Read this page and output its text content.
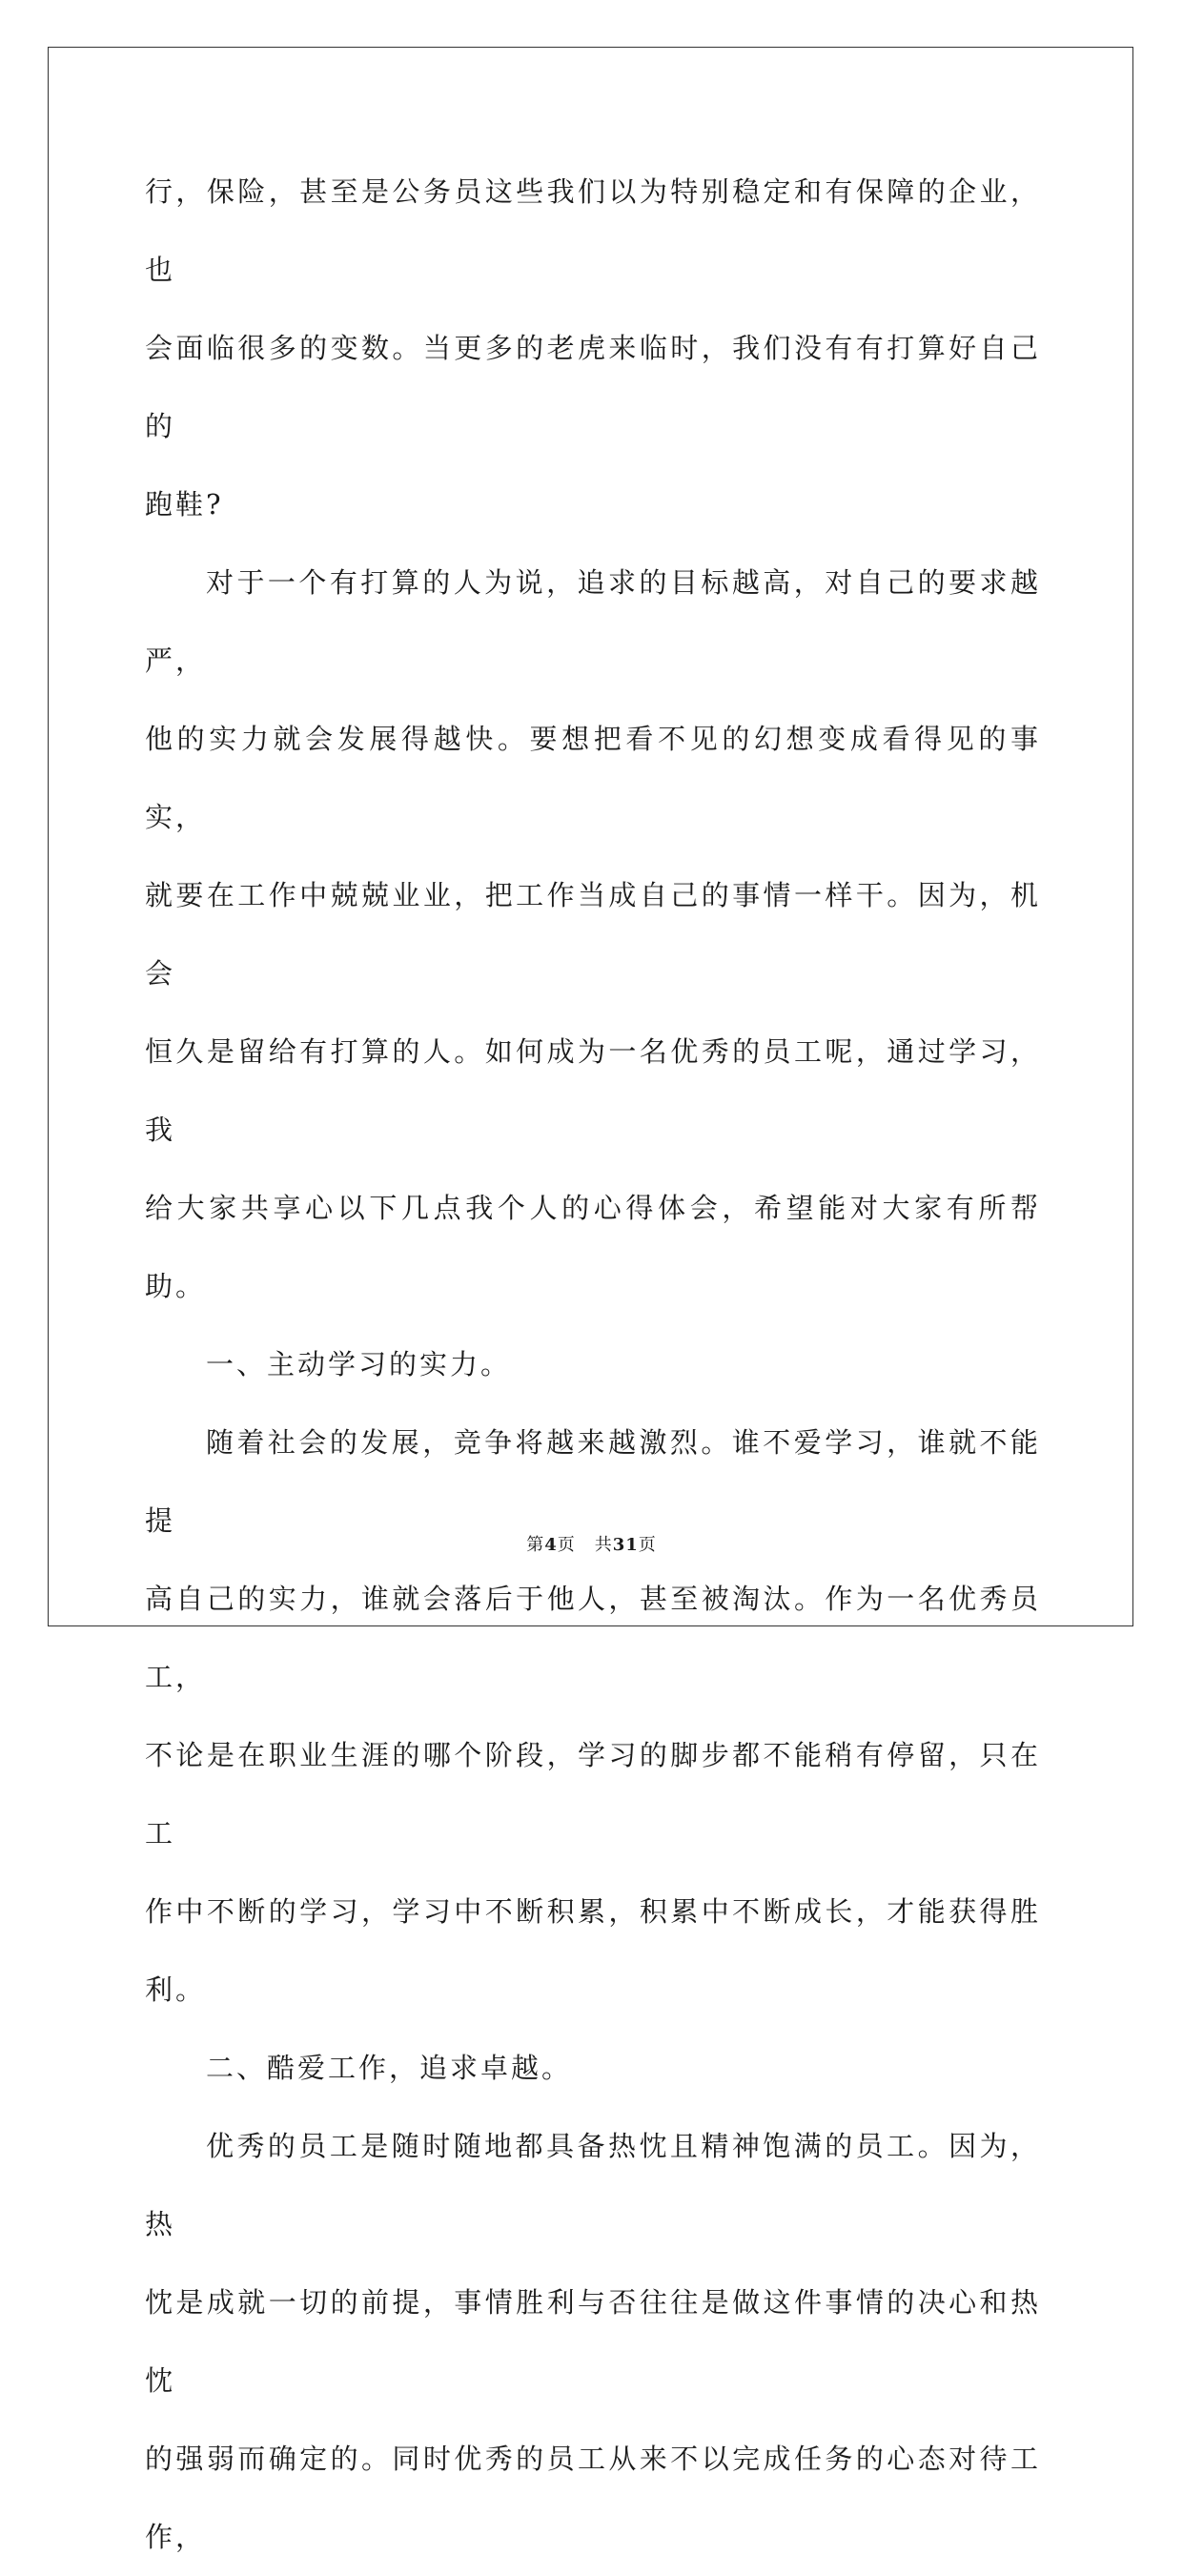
行，保险，甚至是公务员这些我们以为特别稳定和有保障的企业，也
会面临很多的变数。当更多的老虎来临时，我们没有有打算好自己的
跑鞋?
对于一个有打算的人为说，追求的目标越高，对自己的要求越严，
他的实力就会发展得越快。要想把看不见的幻想变成看得见的事实，
就要在工作中兢兢业业，把工作当成自己的事情一样干。因为，机会
恒久是留给有打算的人。如何成为一名优秀的员工呢，通过学习，我
给大家共享心以下几点我个人的心得体会，希望能对大家有所帮助。
一、主动学习的实力。
随着社会的发展，竞争将越来越激烈。谁不爱学习，谁就不能提
高自己的实力，谁就会落后于他人，甚至被淘汰。作为一名优秀员工，
不论是在职业生涯的哪个阶段，学习的脚步都不能稍有停留，只在工
作中不断的学习，学习中不断积累，积累中不断成长，才能获得胜利。
二、酷爱工作，追求卓越。
优秀的员工是随时随地都具备热忱且精神饱满的员工。因为，热
忱是成就一切的前提，事情胜利与否往往是做这件事情的决心和热忱
的强弱而确定的。同时优秀的员工从来不以完成任务的心态对待工作，
第4页 共31页
